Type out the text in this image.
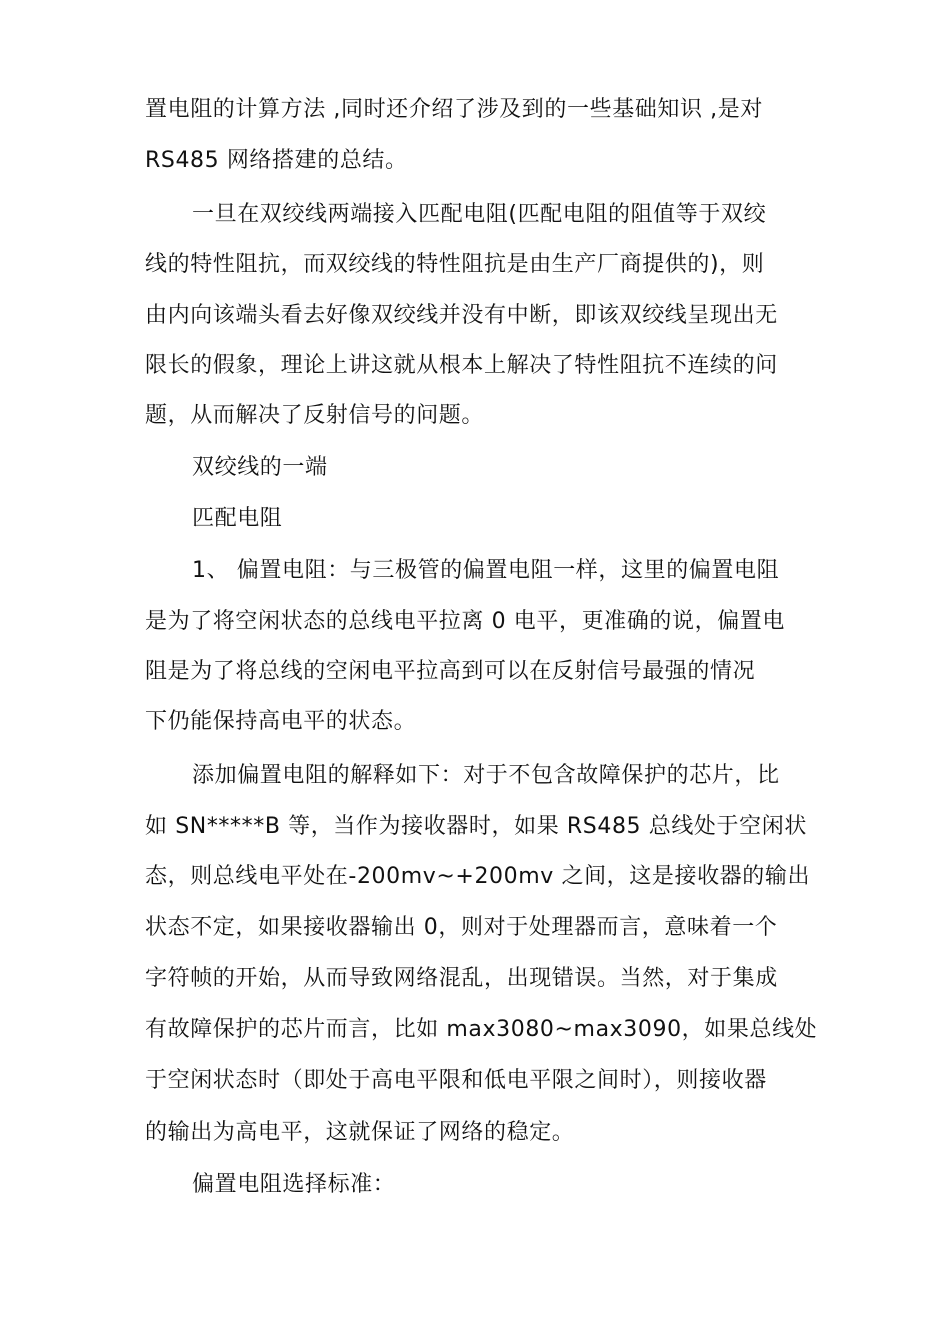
置电阻的计算方法 ,同时还介绍了涉及到的一些基础知识 ,是对
RS485 网络搭建的总结。
一旦在双绞线两端接入匹配电阻(匹配电阻的阻值等于双绞
线的特性阻抗，而双绞线的特性阻抗是由生产厂商提供的)，则
由内向该端头看去好像双绞线并没有中断，即该双绞线呈现出无
限长的假象，理论上讲这就从根本上解决了特性阻抗不连续的问
题，从而解决了反射信号的问题。
双绞线的一端
匹配电阻
1、 偏置电阻：与三极管的偏置电阻一样，这里的偏置电阻
是为了将空闲状态的总线电平拉离 0 电平，更准确的说，偏置电
阻是为了将总线的空闲电平拉高到可以在反射信号最强的情况
下仍能保持高电平的状态。
添加偏置电阻的解释如下：对于不包含故障保护的芯片，比
如 SN*****B 等，当作为接收器时，如果 RS485 总线处于空闲状
态，则总线电平处在-200mv~+200mv 之间，这是接收器的输出
状态不定，如果接收器输出 0，则对于处理器而言，意味着一个
字符帧的开始，从而导致网络混乱，出现错误。当然，对于集成
有故障保护的芯片而言，比如 max3080~max3090，如果总线处
于空闲状态时（即处于高电平限和低电平限之间时），则接收器
的输出为高电平，这就保证了网络的稳定。
偏置电阻选择标准：
